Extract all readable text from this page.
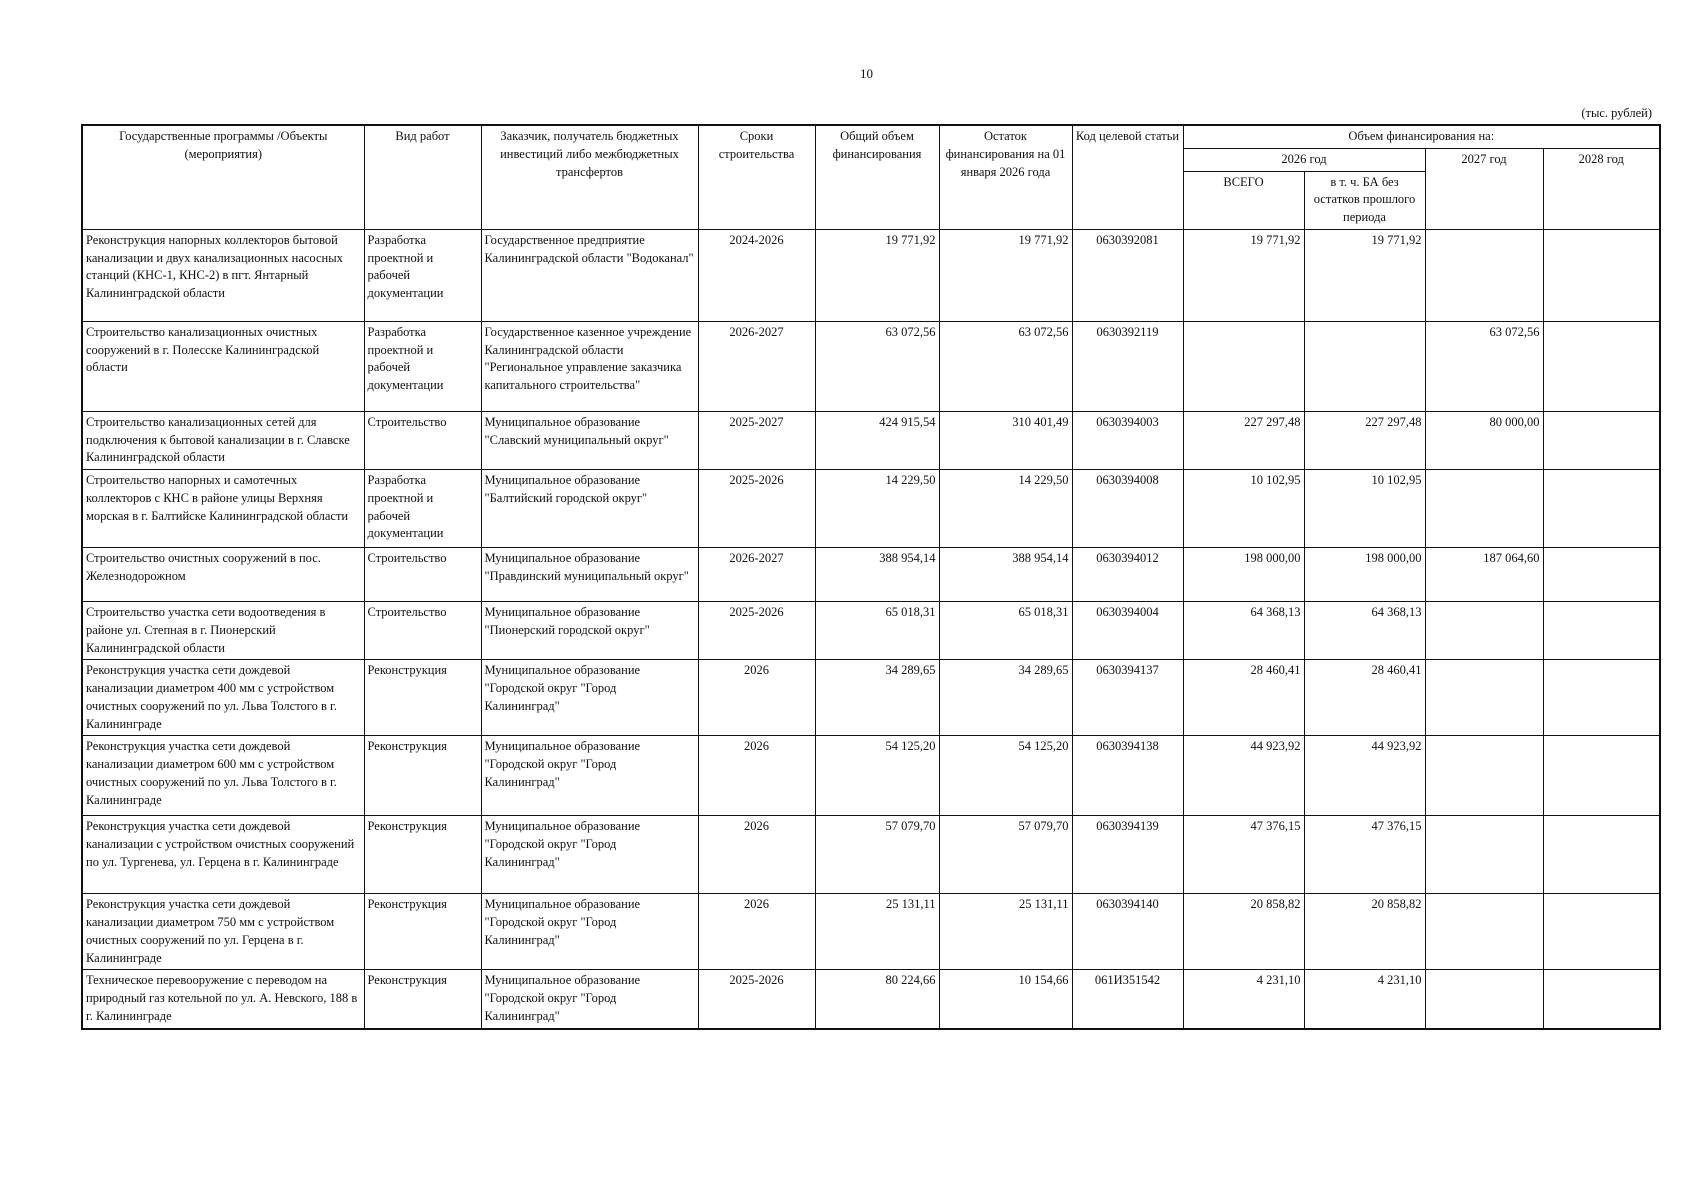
10
(тыс. рублей)
Государственные программы /Объекты (мероприятия)	Вид работ	Заказчик, получатель бюджетных инвестиций либо межбюджетных трансфертов	Сроки строительства	Общий объем финансирования	Остаток финансирования на 01 января 2026 года	Код целевой статьи	Объем финансирования на:			
							2026 год		2027 год	2028 год
							ВСЕГО	в т. ч. БА без остатков прошлого периода		
Реконструкция напорных коллекторов бытовой канализации и двух канализационных насосных станций (КНС-1, КНС-2) в пгт. Янтарный Калининградской области	Разработка проектной и рабочей документации	Государственное предприятие Калининградской области "Водоканал"	2024-2026	19 771,92	19 771,92	0630392081	19 771,92	19 771,92		
Строительство канализационных очистных сооружений в г. Полесске Калининградской области	Разработка проектной и рабочей документации	Государственное казенное учреждение Калининградской области "Региональное управление заказчика капитального строительства"	2026-2027	63 072,56	63 072,56	0630392119			63 072,56	
Строительство канализационных сетей для подключения к бытовой канализации в г. Славске Калининградской области	Строительство	Муниципальное образование "Славский муниципальный округ"	2025-2027	424 915,54	310 401,49	0630394003	227 297,48	227 297,48	80 000,00	
Строительство напорных и самотечных коллекторов с КНС в районе улицы Верхняя морская в г. Балтийске Калининградской области	Разработка проектной и рабочей документации	Муниципальное образование "Балтийский городской округ"	2025-2026	14 229,50	14 229,50	0630394008	10 102,95	10 102,95		
Строительство очистных сооружений в пос. Железнодорожном	Строительство	Муниципальное образование "Правдинский муниципальный округ"	2026-2027	388 954,14	388 954,14	0630394012	198 000,00	198 000,00	187 064,60	
Строительство участка сети водоотведения в районе ул. Степная в г. Пионерский Калининградской области	Строительство	Муниципальное образование "Пионерский городской округ"	2025-2026	65 018,31	65 018,31	0630394004	64 368,13	64 368,13		
Реконструкция участка сети дождевой канализации диаметром 400 мм с устройством очистных сооружений по ул. Льва Толстого в г. Калининграде	Реконструкция	Муниципальное образование "Городской округ "Город Калининград"	2026	34 289,65	34 289,65	0630394137	28 460,41	28 460,41		
Реконструкция участка сети дождевой канализации диаметром 600 мм с устройством очистных сооружений по ул. Льва Толстого в г. Калининграде	Реконструкция	Муниципальное образование "Городской округ "Город Калининград"	2026	54 125,20	54 125,20	0630394138	44 923,92	44 923,92		
Реконструкция участка сети дождевой канализации с устройством очистных сооружений по ул. Тургенева, ул. Герцена в г. Калининграде	Реконструкция	Муниципальное образование "Городской округ "Город Калининград"	2026	57 079,70	57 079,70	0630394139	47 376,15	47 376,15		
Реконструкция участка сети дождевой канализации диаметром 750 мм с устройством очистных сооружений по ул. Герцена в г. Калининграде	Реконструкция	Муниципальное образование "Городской округ "Город Калининград"	2026	25 131,11	25 131,11	0630394140	20 858,82	20 858,82		
Техническое перевооружение с переводом на природный газ котельной по ул. А. Невского, 188 в г. Калининграде	Реконструкция	Муниципальное образование "Городской округ "Город Калининград"	2025-2026	80 224,66	10 154,66	061И351542	4 231,10	4 231,10		
